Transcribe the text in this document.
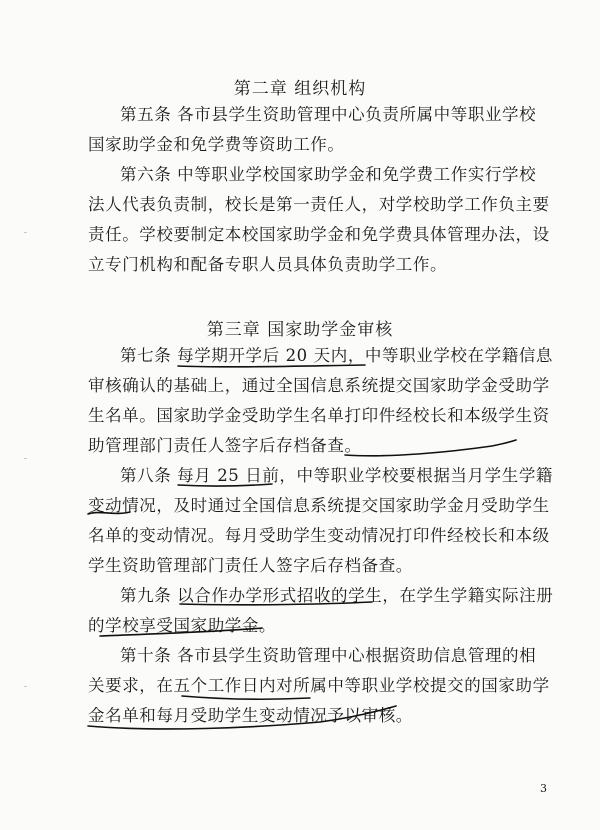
第二章 组织机构
第五条 各市县学生资助管理中心负责所属中等职业学校
国家助学金和免学费等资助工作。
第六条 中等职业学校国家助学金和免学费工作实行学校
法人代表负责制，校长是第一责任人，对学校助学工作负主要
责任。学校要制定本校国家助学金和免学费具体管理办法，设
立专门机构和配备专职人员具体负责助学工作。
第三章 国家助学金审核
第七条 每学期开学后 20 天内，中等职业学校在学籍信息
审核确认的基础上，通过全国信息系统提交国家助学金受助学
生名单。国家助学金受助学生名单打印件经校长和本级学生资
助管理部门责任人签字后存档备查。
第八条 每月 25 日前，中等职业学校要根据当月学生学籍
变动情况，及时通过全国信息系统提交国家助学金月受助学生
名单的变动情况。每月受助学生变动情况打印件经校长和本级
学生资助管理部门责任人签字后存档备查。
第九条 以合作办学形式招收的学生，在学生学籍实际注册
的学校享受国家助学金。
第十条 各市县学生资助管理中心根据资助信息管理的相
关要求，在五个工作日内对所属中等职业学校提交的国家助学
金名单和每月受助学生变动情况予以审核。
3
